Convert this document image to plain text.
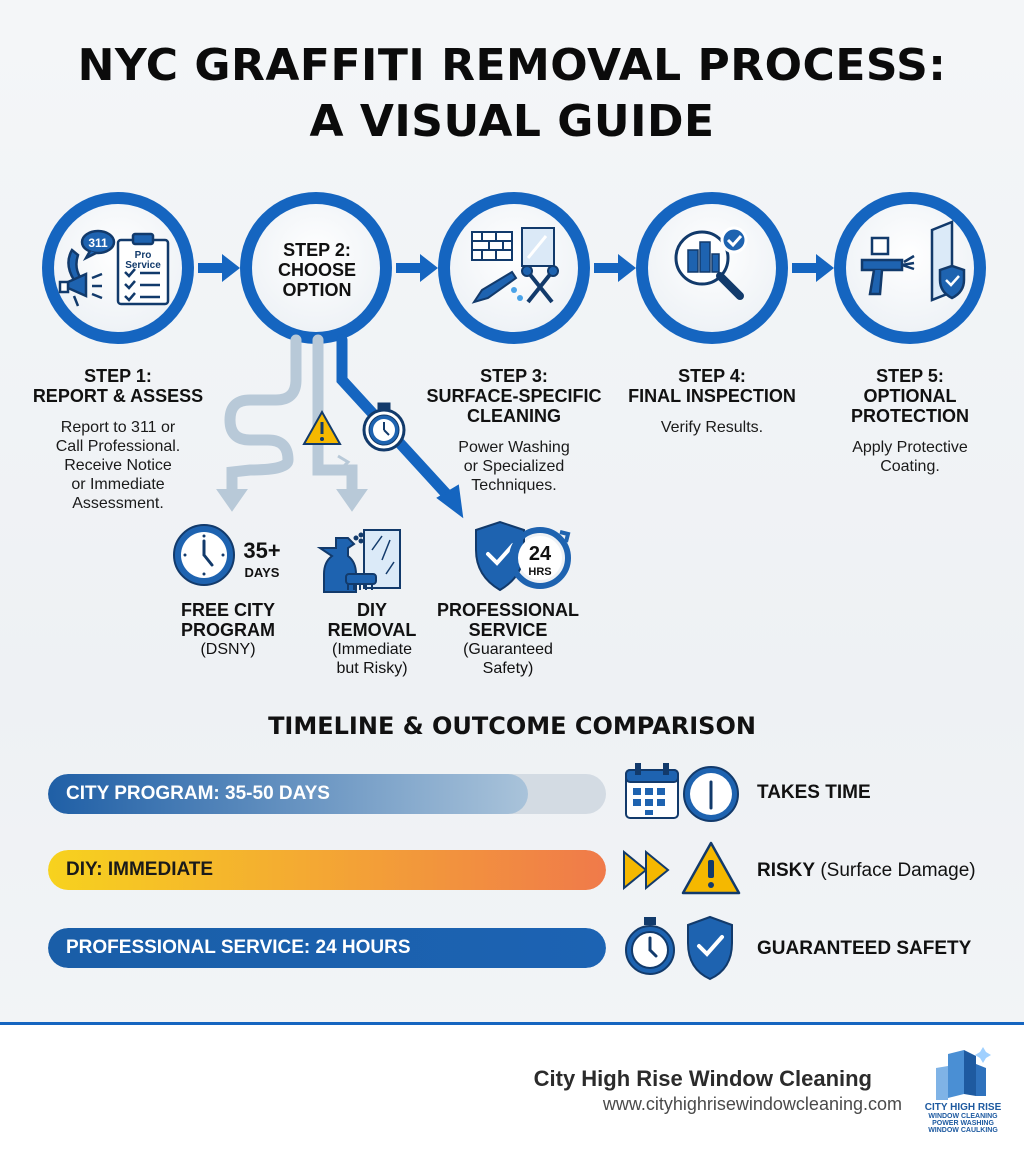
NYC GRAFFITI REMOVAL PROCESS:
A VISUAL GUIDE
311
Pro
Service
35+
DAYS
24
HRS
STEP 2:
CHOOSE
OPTION
STEP 1:
REPORT & ASSESS
Report to 311 or
Call Professional.
Receive Notice
or Immediate
Assessment.
STEP 3:
SURFACE-SPECIFIC
CLEANING
Power Washing
or Specialized
Techniques.
STEP 4:
FINAL INSPECTION
Verify Results.
STEP 5:
OPTIONAL
PROTECTION
Apply Protective
Coating.
FREE CITY
PROGRAM
(DSNY)
DIY
REMOVAL
(Immediate
but Risky)
PROFESSIONAL
SERVICE
(Guaranteed
Safety)
TIMELINE & OUTCOME COMPARISON
CITY PROGRAM: 35-50 DAYS	TAKES TIME
DIY: IMMEDIATE	RISKY (Surface Damage)
PROFESSIONAL SERVICE: 24 HOURS	GUARANTEED SAFETY
City High Rise Window Cleaning
www.cityhighrisewindowcleaning.com CITY HIGH RISE
WINDOW CLEANING
POWER WASHING
WINDOW CAULKING
